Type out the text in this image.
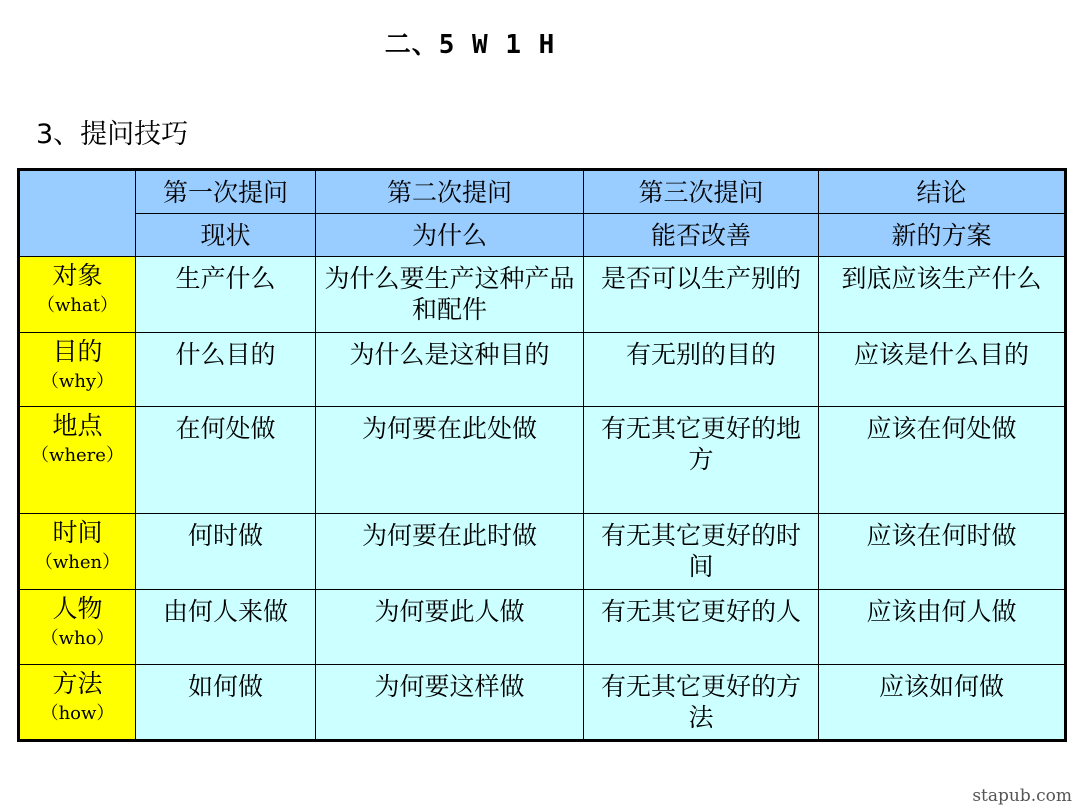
二、5 W 1 H
3、提问技巧
	第一次提问	第二次提问	第三次提问	结论
	现状	为什么	能否改善	新的方案

对象
（what）	生产什么	为什么要生产这种产品和配件	是否可以生产别的	到底应该生产什么

目的
（why）	什么目的	为什么是这种目的	有无别的目的	应该是什么目的

地点
（where）	在何处做	为何要在此处做	有无其它更好的地方	应该在何处做

时间
（when）	何时做	为何要在此时做	有无其它更好的时间	应该在何时做

人物
（who）	由何人来做	为何要此人做	有无其它更好的人	应该由何人做

方法
（how）	如何做	为何要这样做	有无其它更好的方法	应该如何做
stapub.com
